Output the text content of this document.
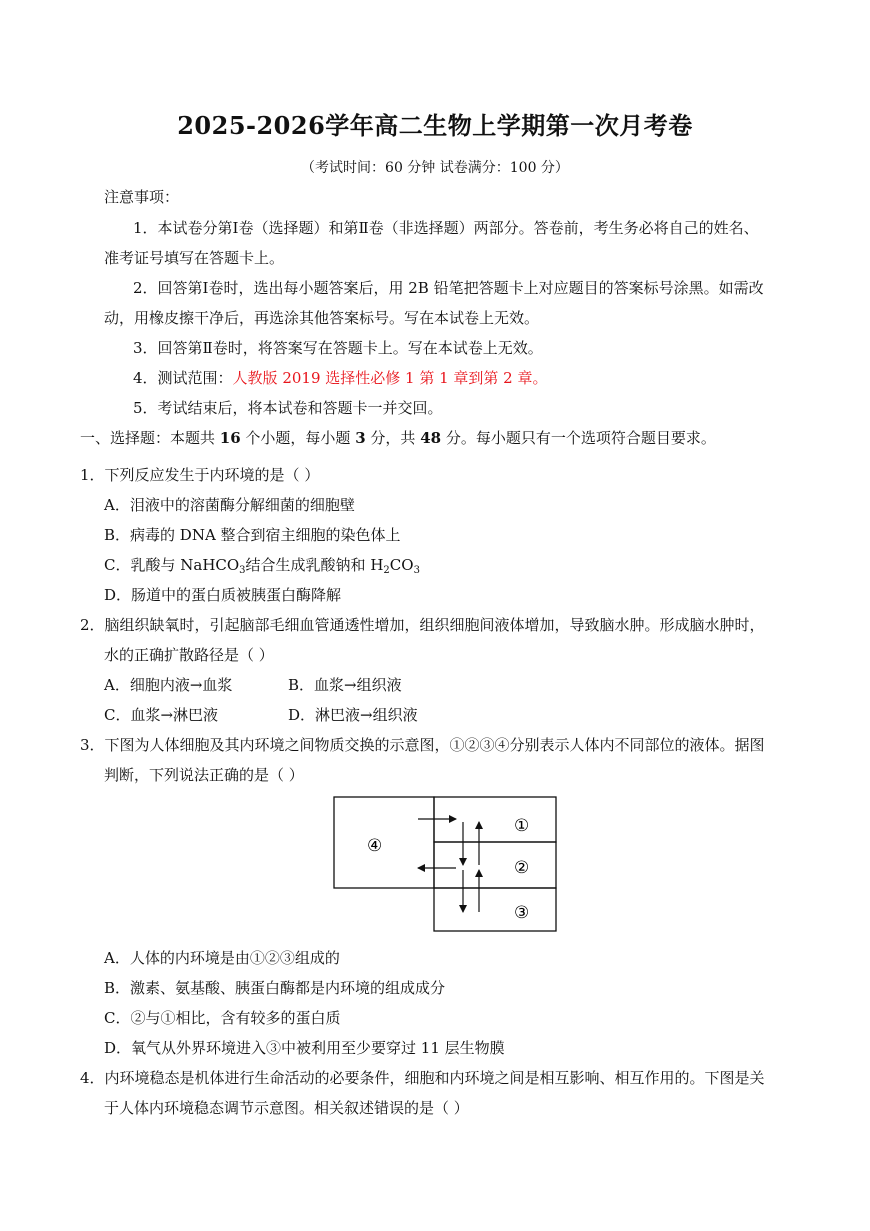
2025-2026学年高二生物上学期第一次月考卷
（考试时间：60 分钟 试卷满分：100 分）
注意事项：
1．本试卷分第Ⅰ卷（选择题）和第Ⅱ卷（非选择题）两部分。答卷前，考生务必将自己的姓名、
准考证号填写在答题卡上。
2．回答第Ⅰ卷时，选出每小题答案后，用 2B 铅笔把答题卡上对应题目的答案标号涂黑。如需改
动，用橡皮擦干净后，再选涂其他答案标号。写在本试卷上无效。
3．回答第Ⅱ卷时，将答案写在答题卡上。写在本试卷上无效。
4．测试范围：人教版 2019 选择性必修 1 第 1 章到第 2 章。
5．考试结束后，将本试卷和答题卡一并交回。
一、选择题：本题共 16 个小题，每小题 3 分，共 48 分。每小题只有一个选项符合题目要求。
1．下列反应发生于内环境的是（ ）
A．泪液中的溶菌酶分解细菌的细胞壁
B．病毒的 DNA 整合到宿主细胞的染色体上
C．乳酸与 NaHCO$_3$结合生成乳酸钠和 $H_2CO_3$
D．肠道中的蛋白质被胰蛋白酶降解
2．脑组织缺氧时，引起脑部毛细血管通透性增加，组织细胞间液体增加，导致脑水肿。形成脑水肿时，
水的正确扩散路径是（ ）
A．细胞内液→血浆	B．血浆→组织液
C．血浆→淋巴液	D．淋巴液→组织液
3．下图为人体细胞及其内环境之间物质交换的示意图，①②③④分别表示人体内不同部位的液体。据图
判断，下列说法正确的是（ ）
④
①
②
③
A．人体的内环境是由①②③组成的
B．激素、氨基酸、胰蛋白酶都是内环境的组成成分
C．②与①相比，含有较多的蛋白质
D．氧气从外界环境进入③中被利用至少要穿过 11 层生物膜
4．内环境稳态是机体进行生命活动的必要条件，细胞和内环境之间是相互影响、相互作用的。下图是关
于人体内环境稳态调节示意图。相关叙述错误的是（ ）
